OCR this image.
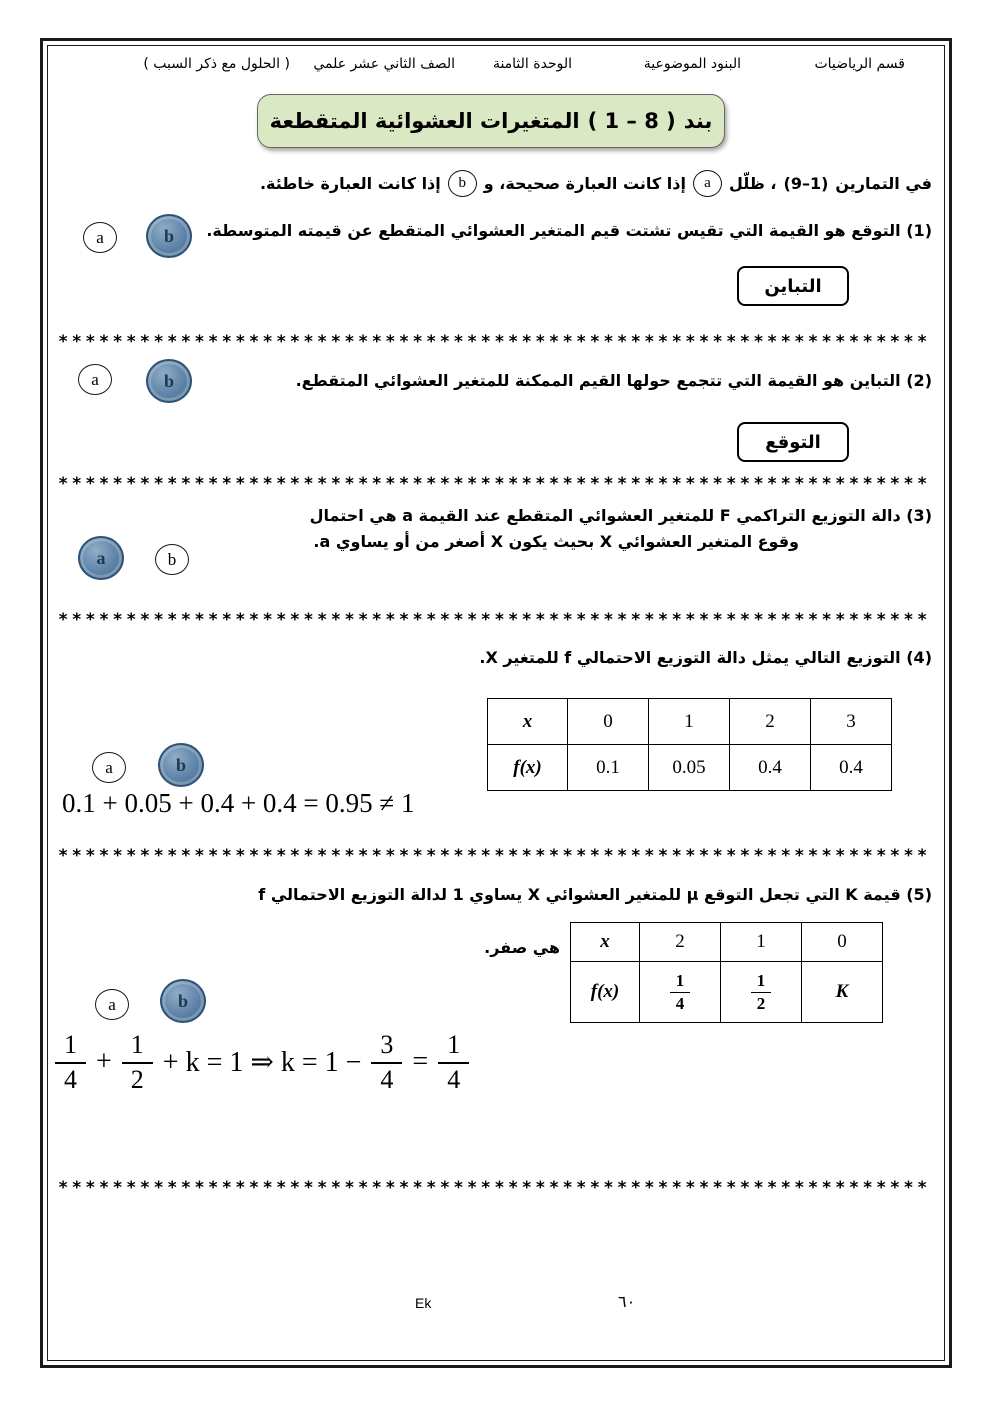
قسم الرياضيات
البنود الموضوعية
الوحدة الثامنة
الصف الثاني عشر علمي
( الحلول مع ذكر السبب )
بند
( 1 – 8 )
المتغيرات العشوائية المتقطعة
في التمارين
(9–1)
، ظلّل
a
إذا كانت العبارة صحيحة، و
b
إذا كانت العبارة خاطئة.
(1) التوقع هو القيمة التي تقيس تشتت قيم المتغير العشوائي المتقطع عن قيمته المتوسطة.
a	b
التباين
****************************************************************
(2) التباين هو القيمة التي تتجمع حولها القيم الممكنة للمتغير العشوائي المتقطع.
a	b
التوقع
****************************************************************
(3) دالة التوزيع التراكمي F للمتغير العشوائي المتقطع عند القيمة a هي احتمال
وقوع المتغير العشوائي X بحيث يكون X أصغر من أو يساوي a.
a	b
****************************************************************
(4) التوزيع التالي يمثل دالة التوزيع الاحتمالي f للمتغير X.
x	0	1	2	3
f(x)	0.1	0.05	0.4	0.4
a	b
0.1 + 0.05 + 0.4 + 0.4 = 0.95 ≠ 1
****************************************************************
(5) قيمة K التي تجعل التوقع μ للمتغير العشوائي X يساوي 1 لدالة التوزيع الاحتمالي f
هي صفر. x	2	1	0
f(x)	$\frac{1}{4}$	$\frac{1}{2}$	K
a	b
$\frac{1}{4} + \frac{1}{2} + k = 1$ ⇒ $k = 1 - \frac{3}{4} = \frac{1}{4}$
****************************************************************
Ek	٦٠
